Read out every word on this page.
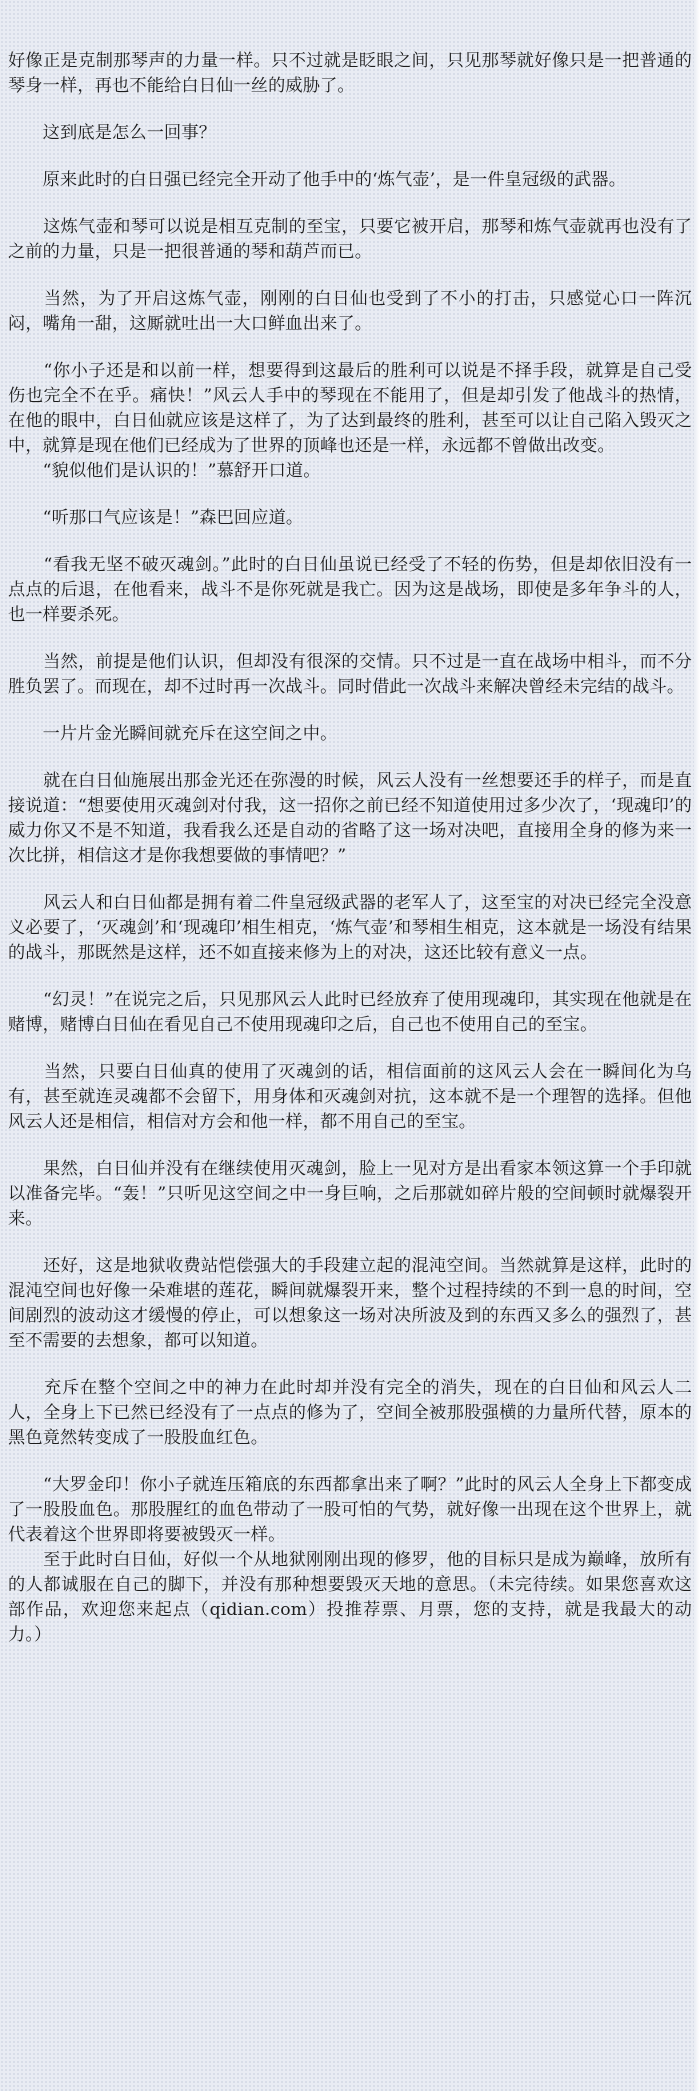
好像正是克制那琴声的力量一样。只不过就是眨眼之间，只见那琴就好像只是一把普通的琴身一样，再也不能给白日仙一丝的威胁了。

　　这到底是怎么一回事？

　　原来此时的白日强已经完全开动了他手中的‘炼气壶’，是一件皇冠级的武器。

　　这炼气壶和琴可以说是相互克制的至宝，只要它被开启，那琴和炼气壶就再也没有了之前的力量，只是一把很普通的琴和葫芦而已。

　　当然，为了开启这炼气壶，刚刚的白日仙也受到了不小的打击，只感觉心口一阵沉闷，嘴角一甜，这厮就吐出一大口鲜血出来了。

　　“你小子还是和以前一样，想要得到这最后的胜利可以说是不择手段，就算是自己受伤也完全不在乎。痛快！”风云人手中的琴现在不能用了，但是却引发了他战斗的热情，在他的眼中，白日仙就应该是这样了，为了达到最终的胜利，甚至可以让自己陷入毁灭之中，就算是现在他们已经成为了世界的顶峰也还是一样，永远都不曾做出改变。
　　“貌似他们是认识的！”慕舒开口道。

　　“听那口气应该是！”森巴回应道。

　　“看我无坚不破灭魂剑。”此时的白日仙虽说已经受了不轻的伤势，但是却依旧没有一点点的后退，在他看来，战斗不是你死就是我亡。因为这是战场，即使是多年争斗的人，也一样要杀死。

　　当然，前提是他们认识，但却没有很深的交情。只不过是一直在战场中相斗，而不分胜负罢了。而现在，却不过时再一次战斗。同时借此一次战斗来解决曾经未完结的战斗。

　　一片片金光瞬间就充斥在这空间之中。

　　就在白日仙施展出那金光还在弥漫的时候，风云人没有一丝想要还手的样子，而是直接说道：“想要使用灭魂剑对付我，这一招你之前已经不知道使用过多少次了，‘现魂印’的威力你又不是不知道，我看我么还是自动的省略了这一场对决吧，直接用全身的修为来一次比拼，相信这才是你我想要做的事情吧？”

　　风云人和白日仙都是拥有着二件皇冠级武器的老军人了，这至宝的对决已经完全没意义必要了，‘灭魂剑’和‘现魂印’相生相克，‘炼气壶’和琴相生相克，这本就是一场没有结果的战斗，那既然是这样，还不如直接来修为上的对决，这还比较有意义一点。

　　“幻灵！”在说完之后，只见那风云人此时已经放弃了使用现魂印，其实现在他就是在赌博，赌博白日仙在看见自己不使用现魂印之后，自己也不使用自己的至宝。

　　当然，只要白日仙真的使用了灭魂剑的话，相信面前的这风云人会在一瞬间化为乌有，甚至就连灵魂都不会留下，用身体和灭魂剑对抗，这本就不是一个理智的选择。但他风云人还是相信，相信对方会和他一样，都不用自己的至宝。

　　果然，白日仙并没有在继续使用灭魂剑，脸上一见对方是出看家本领这算一个手印就以准备完毕。“轰！”只听见这空间之中一身巨响，之后那就如碎片般的空间顿时就爆裂开来。

　　还好，这是地狱收费站恺偿强大的手段建立起的混沌空间。当然就算是这样，此时的混沌空间也好像一朵难堪的莲花，瞬间就爆裂开来，整个过程持续的不到一息的时间，空间剧烈的波动这才缓慢的停止，可以想象这一场对决所波及到的东西又多么的强烈了，甚至不需要的去想象，都可以知道。

　　充斥在整个空间之中的神力在此时却并没有完全的消失，现在的白日仙和风云人二人，全身上下已然已经没有了一点点的修为了，空间全被那股强横的力量所代替，原本的黑色竟然转变成了一股股血红色。

　　“大罗金印！你小子就连压箱底的东西都拿出来了啊？”此时的风云人全身上下都变成了一股股血色。那股腥红的血色带动了一股可怕的气势，就好像一出现在这个世界上，就代表着这个世界即将要被毁灭一样。
　　至于此时白日仙，好似一个从地狱刚刚出现的修罗，他的目标只是成为巅峰，放所有的人都诚服在自己的脚下，并没有那种想要毁灭天地的意思。（未完待续。如果您喜欢这部作品，欢迎您来起点（qidian.com）投推荐票、月票，您的支持，就是我最大的动力。）
